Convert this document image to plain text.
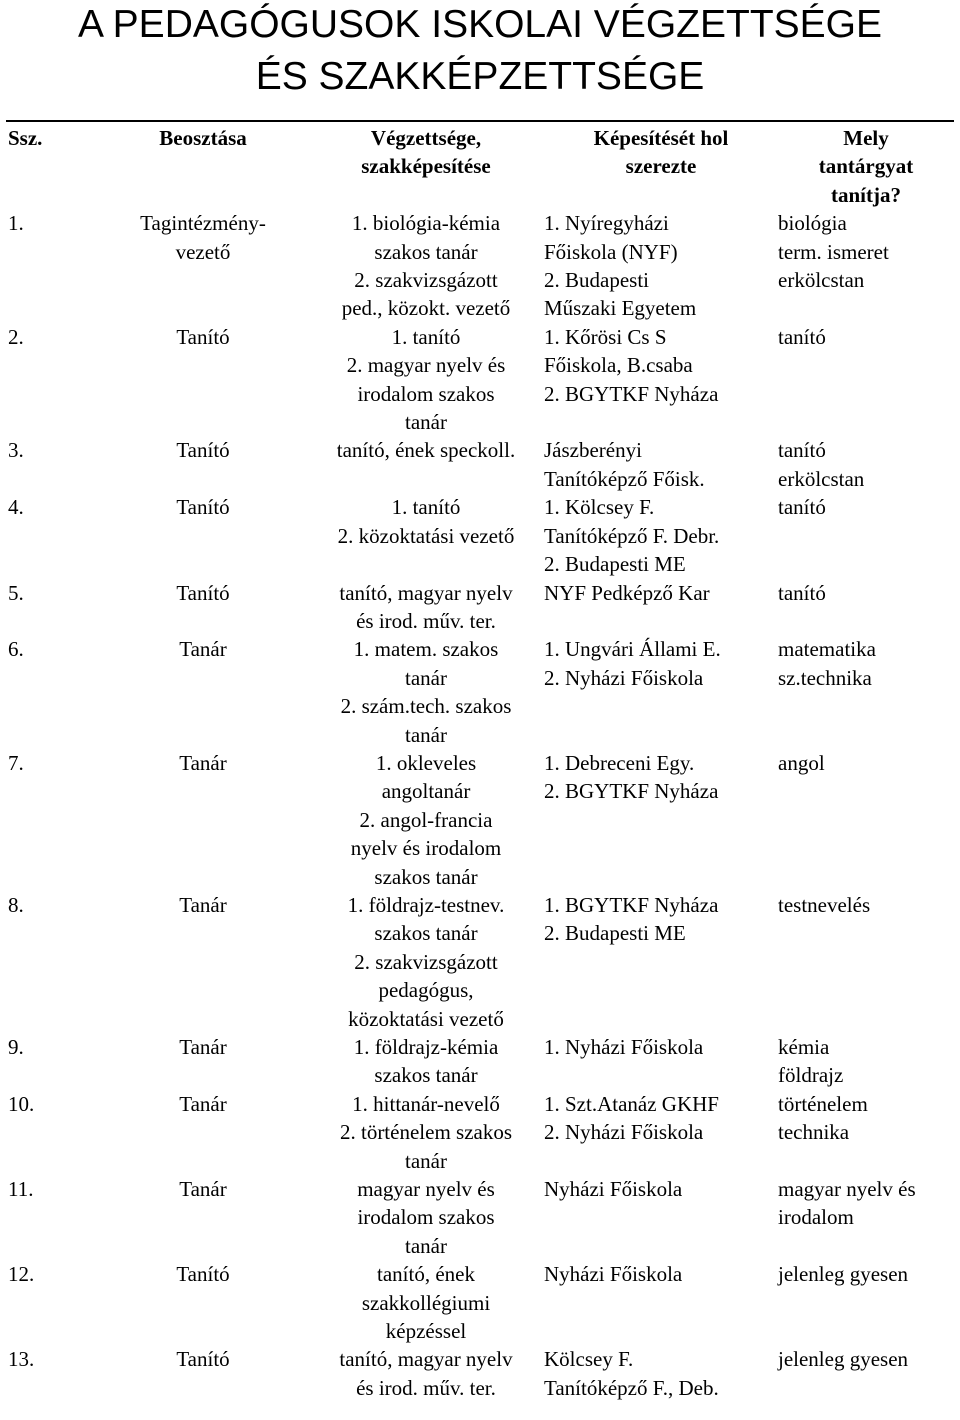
A PEDAGÓGUSOK ISKOLAI VÉGZETTSÉGE
ÉS SZAKKÉPZETTSÉGE
Ssz.	Beosztása	Végzettsége,
szakképesítése	Képesítését hol
szerezte	Mely
tantárgyat
tanítja?

1.	Tagintézmény-
vezető	1. biológia-kémia
szakos tanár
2. szakvizsgázott
ped., közokt. vezető	1. Nyíregyházi
Főiskola (NYF)
2. Budapesti
Műszaki Egyetem	biológia
term. ismeret
erkölcstan

2.	Tanító	1. tanító
2. magyar nyelv és
irodalom szakos
tanár	1. Kőrösi Cs S
Főiskola, B.csaba
2. BGYTKF Nyháza	tanító

3.	Tanító	tanító, ének speckoll.	Jászberényi
Tanítóképző Főisk.	tanító
erkölcstan

4.	Tanító	1. tanító
2. közoktatási vezető	1. Kölcsey F.
Tanítóképző F. Debr.
2. Budapesti ME	tanító

5.	Tanító	tanító, magyar nyelv
és irod. műv. ter.	NYF Pedképző Kar	tanító

6.	Tanár	1. matem. szakos
tanár
2. szám.tech. szakos
tanár	1. Ungvári Állami E.
2. Nyházi Főiskola	matematika
sz.technika

7.	Tanár	1. okleveles
angoltanár
2. angol-francia
nyelv és irodalom
szakos tanár	1. Debreceni Egy.
2. BGYTKF Nyháza	angol

8.	Tanár	1. földrajz-testnev.
szakos tanár
2. szakvizsgázott
pedagógus,
közoktatási vezető	1. BGYTKF Nyháza
2. Budapesti ME	testnevelés

9.	Tanár	1. földrajz-kémia
szakos tanár	1. Nyházi Főiskola	kémia
földrajz

10.	Tanár	1. hittanár-nevelő
2. történelem szakos
tanár	1. Szt.Atanáz GKHF
2. Nyházi Főiskola	történelem
technika

11.	Tanár	magyar nyelv és
irodalom szakos
tanár	Nyházi Főiskola	magyar nyelv és
irodalom

12.	Tanító	tanító, ének
szakkollégiumi
képzéssel	Nyházi Főiskola	jelenleg gyesen

13.	Tanító	tanító, magyar nyelv
és irod. műv. ter.	Kölcsey F.
Tanítóképző F., Deb.	jelenleg gyesen
